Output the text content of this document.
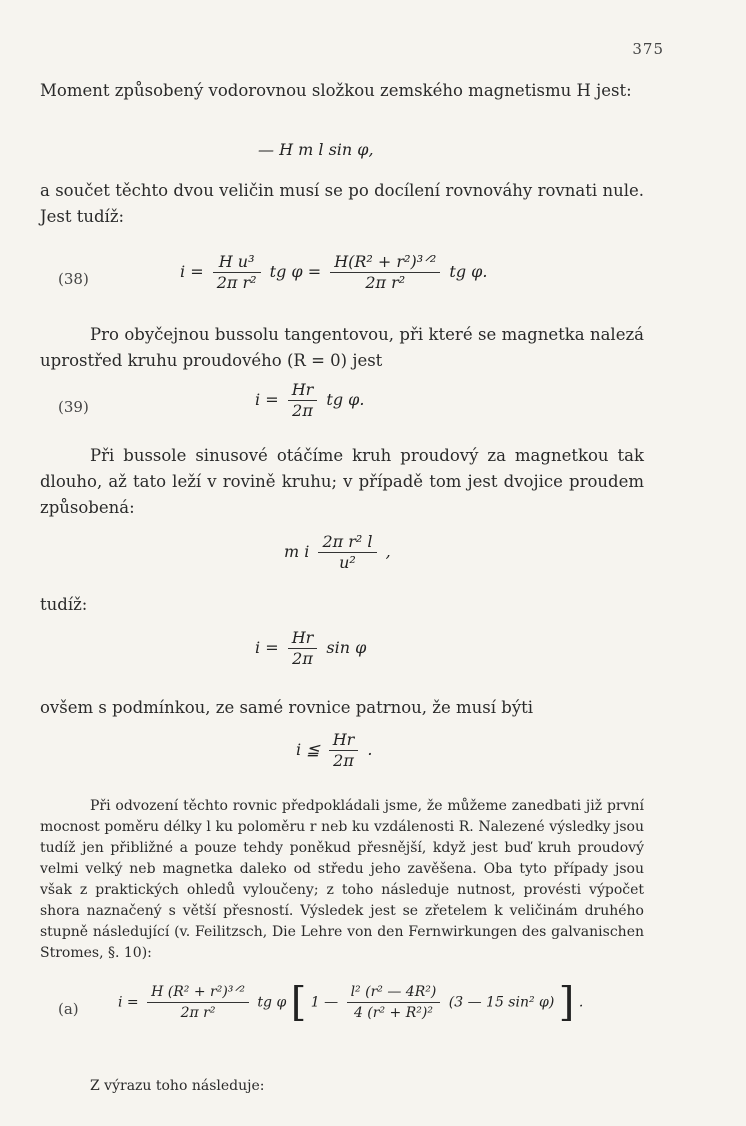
375
Moment způsobený vodorovnou složkou zemského magnetismu H jest:
— H m l sin φ,
a součet těchto dvou veličin musí se po docílení rovnováhy rovnati nule. Jest tudíž:
(38)	$i = \frac{\text{H u³}}{\text{2π r²}}$ tg $\varphi = \frac{\text{H(R² + r²)³ᐟ²}}{\text{2π r²}}$ tg φ.
Pro obyčejnou bussolu tangentovou, při které se magnetka nalezá uprostřed kruhu proudového (R = 0) jest
(39)	$i = \frac{Hr}{2\pi}$ tg φ.
Při bussole sinusové otáčíme kruh proudový za magnetkou tak dlouho, až tato leží v rovině kruhu; v případě tom jest dvojice proudem způsobená:
m i $\frac{\text{2π r² l}}{\text{u²}}$ ,
tudíž:
$i = \frac{Hr}{2\pi}$ sin φ
ovšem s podmínkou, ze samé rovnice patrnou, že musí býti
i ≦ $\frac{Hr}{2\pi}$ .
Při odvození těchto rovnic předpokládali jsme, že můžeme zanedbati již první mocnost poměru délky l ku poloměru r neb ku vzdálenosti R. Nalezené výsledky jsou tudíž jen přibližné a pouze tehdy poněkud přesnější, když jest buď kruh proudový velmi velký neb magnetka daleko od středu jeho zavěšena. Oba tyto případy jsou však z praktických ohledů vyloučeny; z toho následuje nutnost, provésti výpočet shora naznačený s větší přesností. Výsledek jest se zřetelem k veličinám druhého stupně následující (v. Feilitzsch, Die Lehre von den Fernwirkungen des galvanischen Stromes, §. 10):
(a)	$i = \frac{\text{H (R² + r²)³ᐟ²}}{\text{2π r²}}$ tg φ [ 1 — $\frac{\text{l² (r² — 4R²)}}{\text{4 (r² + R²)²}} (3$ — 15 sin² φ) ] .
Z výrazu toho následuje:
